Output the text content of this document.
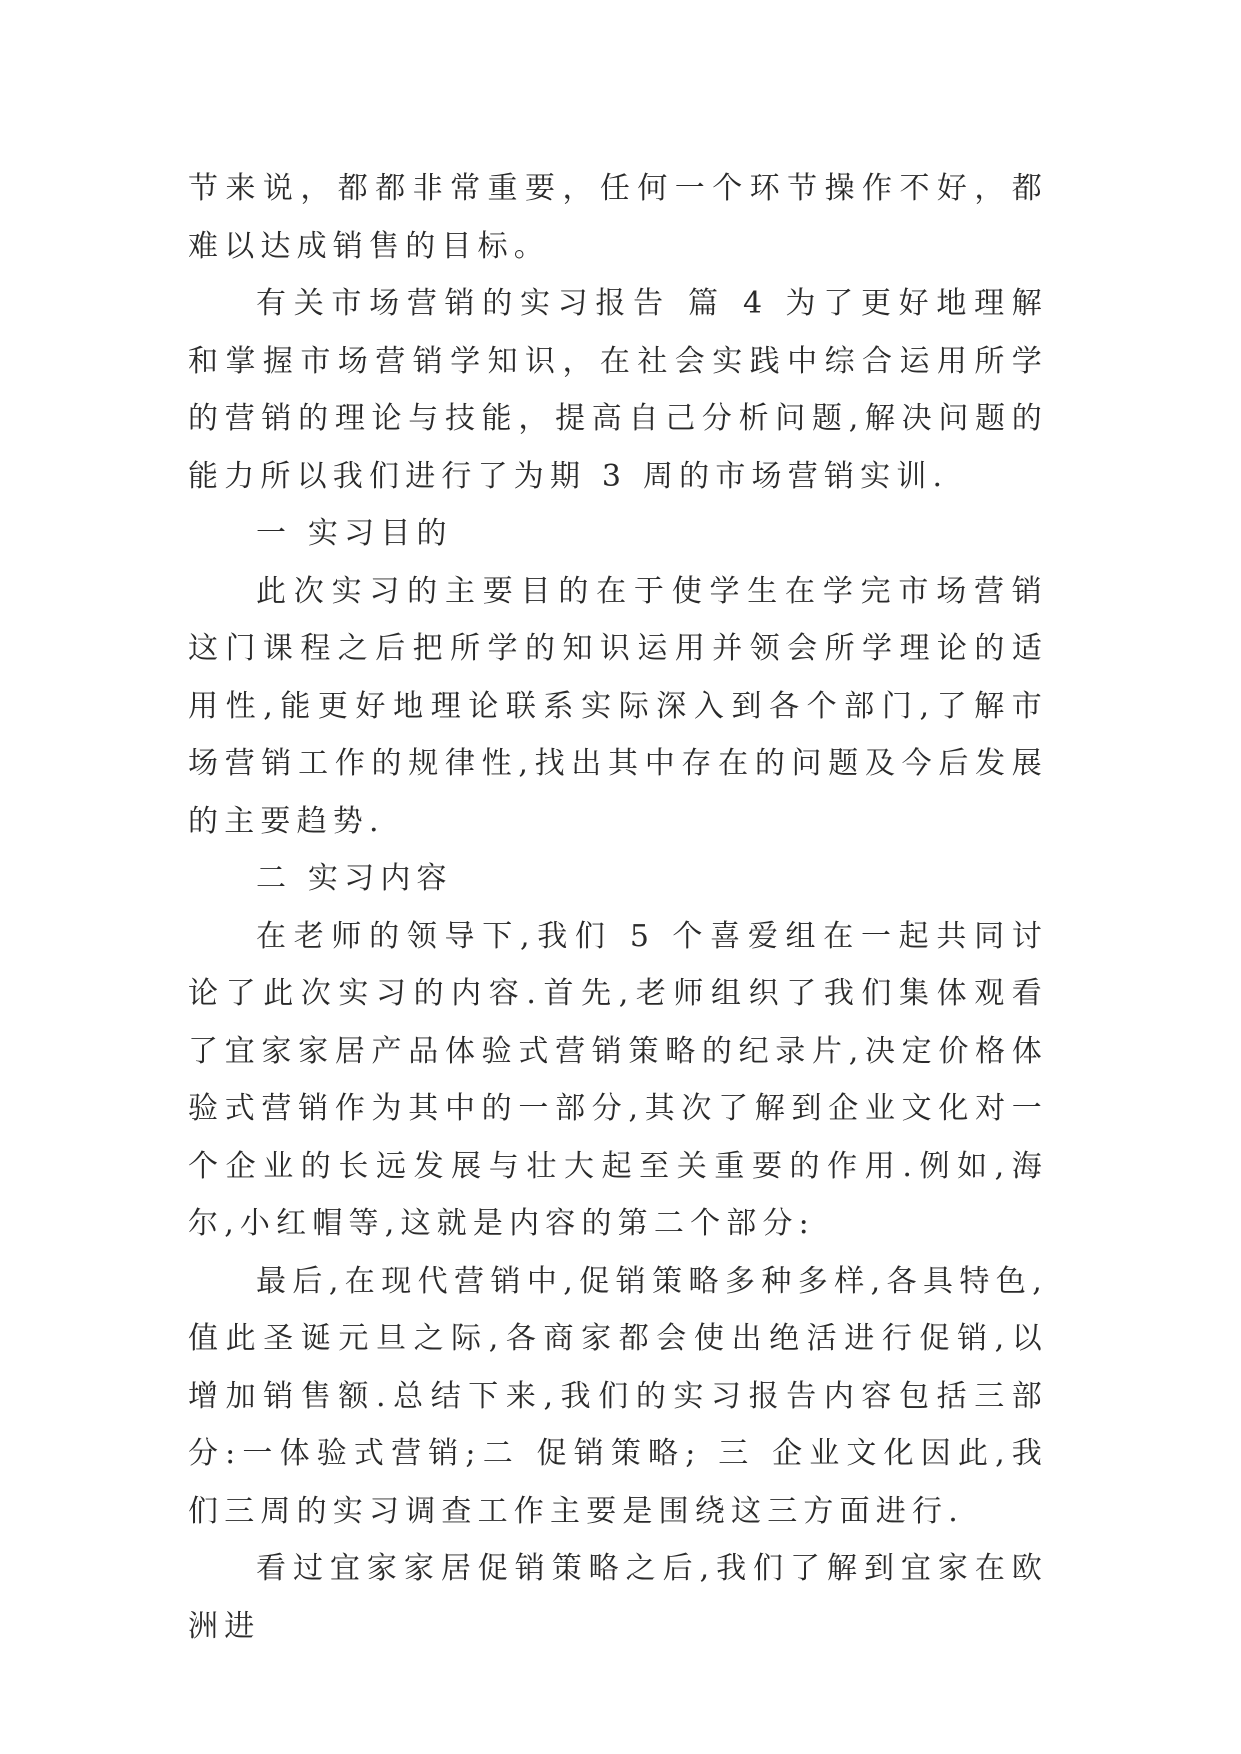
节来说，都都非常重要，任何一个环节操作不好，都难以达成销售的目标。

有关市场营销的实习报告 篇 4 为了更好地理解和掌握市场营销学知识，在社会实践中综合运用所学的营销的理论与技能，提高自己分析问题,解决问题的能力所以我们进行了为期 3 周的市场营销实训.

一 实习目的

此次实习的主要目的在于使学生在学完市场营销这门课程之后把所学的知识运用并领会所学理论的适用性,能更好地理论联系实际深入到各个部门,了解市场营销工作的规律性,找出其中存在的问题及今后发展的主要趋势.

二 实习内容

在老师的领导下,我们 5 个喜爱组在一起共同讨论了此次实习的内容.首先,老师组织了我们集体观看了宜家家居产品体验式营销策略的纪录片,决定价格体验式营销作为其中的一部分,其次了解到企业文化对一个企业的长远发展与壮大起至关重要的作用.例如,海尔,小红帽等,这就是内容的第二个部分:

最后,在现代营销中,促销策略多种多样,各具特色,值此圣诞元旦之际,各商家都会使出绝活进行促销,以增加销售额.总结下来,我们的实习报告内容包括三部分:一体验式营销;二 促销策略; 三 企业文化因此,我们三周的实习调查工作主要是围绕这三方面进行.

看过宜家家居促销策略之后,我们了解到宜家在欧洲进
